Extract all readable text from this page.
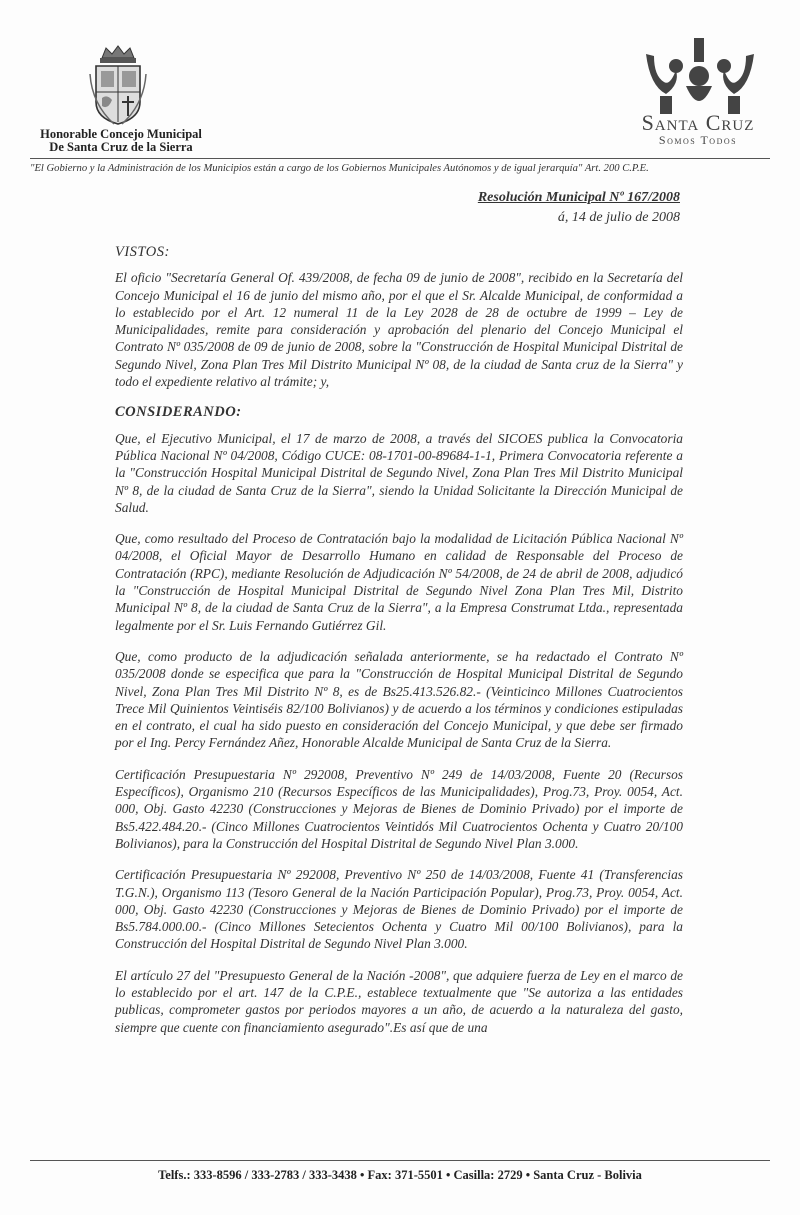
Honorable Concejo Municipal
De Santa Cruz de la Sierra
Santa Cruz
Somos Todos
"El Gobierno y la Administración de los Municipios están a cargo de los Gobiernos Municipales Autónomos y de igual jerarquía" Art. 200 C.P.E.
Resolución Municipal Nº 167/2008
á, 14 de julio de 2008
VISTOS:

El oficio "Secretaría General Of. 439/2008, de fecha 09 de junio de 2008", recibido en la Secretaría del Concejo Municipal el 16 de junio del mismo año, por el que el Sr. Alcalde Municipal, de conformidad a lo establecido por el Art. 12 numeral 11 de la Ley 2028 de 28 de octubre de 1999 – Ley de Municipalidades, remite para consideración y aprobación del plenario del Concejo Municipal el Contrato Nº 035/2008 de 09 de junio de 2008, sobre la "Construcción de Hospital Municipal Distrital de Segundo Nivel, Zona Plan Tres Mil Distrito Municipal Nº 08, de la ciudad de Santa cruz de la Sierra" y todo el expediente relativo al trámite; y,

CONSIDERANDO:

Que, el Ejecutivo Municipal, el 17 de marzo de 2008, a través del SICOES publica la Convocatoria Pública Nacional Nº 04/2008, Código CUCE: 08-1701-00-89684-1-1, Primera Convocatoria referente a la "Construcción Hospital Municipal Distrital de Segundo Nivel, Zona Plan Tres Mil Distrito Municipal Nº 8, de la ciudad de Santa Cruz de la Sierra", siendo la Unidad Solicitante la Dirección Municipal de Salud.

Que, como resultado del Proceso de Contratación bajo la modalidad de Licitación Pública Nacional Nº 04/2008, el Oficial Mayor de Desarrollo Humano en calidad de Responsable del Proceso de Contratación (RPC), mediante Resolución de Adjudicación Nº 54/2008, de 24 de abril de 2008, adjudicó la "Construcción de Hospital Municipal Distrital de Segundo Nivel Zona Plan Tres Mil, Distrito Municipal Nº 8, de la ciudad de Santa Cruz de la Sierra", a la Empresa Construmat Ltda., representada legalmente por el Sr. Luis Fernando Gutiérrez Gil.

Que, como producto de la adjudicación señalada anteriormente, se ha redactado el Contrato Nº 035/2008 donde se especifica que para la "Construcción de Hospital Municipal Distrital de Segundo Nivel, Zona Plan Tres Mil Distrito Nº 8, es de Bs25.413.526.82.- (Veinticinco Millones Cuatrocientos Trece Mil Quinientos Veintiséis 82/100 Bolivianos) y de acuerdo a los términos y condiciones estipuladas en el contrato, el cual ha sido puesto en consideración del Concejo Municipal, y que debe ser firmado por el Ing. Percy Fernández Añez, Honorable Alcalde Municipal de Santa Cruz de la Sierra.

Certificación Presupuestaria Nº 292008, Preventivo Nº 249 de 14/03/2008, Fuente 20 (Recursos Específicos), Organismo 210 (Recursos Específicos de las Municipalidades), Prog.73, Proy. 0054, Act. 000, Obj. Gasto 42230 (Construcciones y Mejoras de Bienes de Dominio Privado) por el importe de Bs5.422.484.20.- (Cinco Millones Cuatrocientos Veintidós Mil Cuatrocientos Ochenta y Cuatro 20/100 Bolivianos), para la Construcción del Hospital Distrital de Segundo Nivel Plan 3.000.

Certificación Presupuestaria Nº 292008, Preventivo Nº 250 de 14/03/2008, Fuente 41 (Transferencias T.G.N.), Organismo 113 (Tesoro General de la Nación Participación Popular), Prog.73, Proy. 0054, Act. 000, Obj. Gasto 42230 (Construcciones y Mejoras de Bienes de Dominio Privado) por el importe de Bs5.784.000.00.- (Cinco Millones Setecientos Ochenta y Cuatro Mil 00/100 Bolivianos), para la Construcción del Hospital Distrital de Segundo Nivel Plan 3.000.

El artículo 27 del "Presupuesto General de la Nación -2008", que adquiere fuerza de Ley en el marco de lo establecido por el art. 147 de la C.P.E., establece textualmente que "Se autoriza a las entidades publicas, comprometer gastos por periodos mayores a un año, de acuerdo a la naturaleza del gasto, siempre que cuente con financiamiento asegurado".Es así que de una

Telfs.: 333-8596 / 333-2783 / 333-3438 • Fax: 371-5501 • Casilla: 2729 • Santa Cruz - Bolivia
